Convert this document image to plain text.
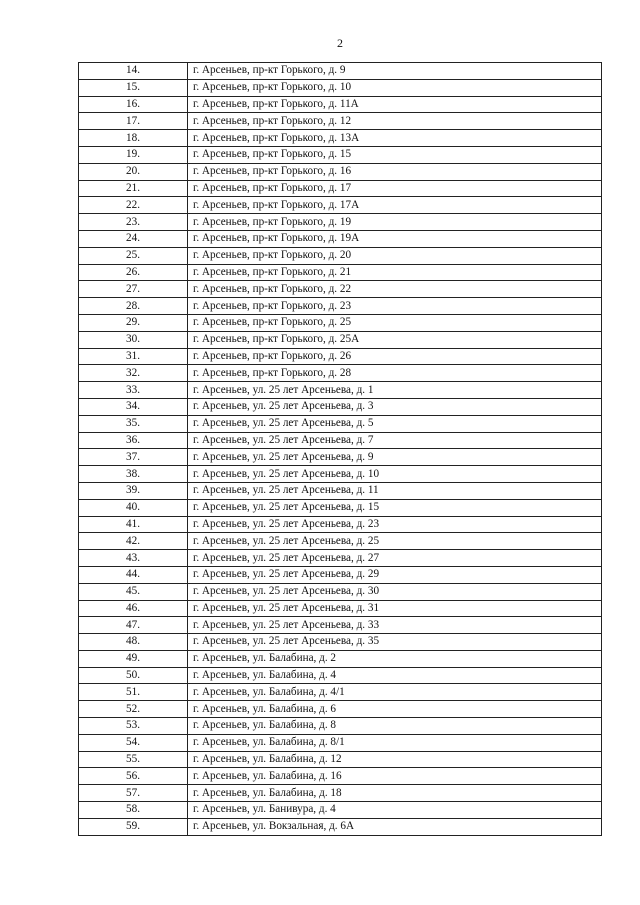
2
14.	г. Арсеньев, пр-кт Горького, д. 9
15.	г. Арсеньев, пр-кт Горького, д. 10
16.	г. Арсеньев, пр-кт Горького, д. 11А
17.	г. Арсеньев, пр-кт Горького, д. 12
18.	г. Арсеньев, пр-кт Горького, д. 13А
19.	г. Арсеньев, пр-кт Горького, д. 15
20.	г. Арсеньев, пр-кт Горького, д. 16
21.	г. Арсеньев, пр-кт Горького, д. 17
22.	г. Арсеньев, пр-кт Горького, д. 17А
23.	г. Арсеньев, пр-кт Горького, д. 19
24.	г. Арсеньев, пр-кт Горького, д. 19А
25.	г. Арсеньев, пр-кт Горького, д. 20
26.	г. Арсеньев, пр-кт Горького, д. 21
27.	г. Арсеньев, пр-кт Горького, д. 22
28.	г. Арсеньев, пр-кт Горького, д. 23
29.	г. Арсеньев, пр-кт Горького, д. 25
30.	г. Арсеньев, пр-кт Горького, д. 25А
31.	г. Арсеньев, пр-кт Горького, д. 26
32.	г. Арсеньев, пр-кт Горького, д. 28
33.	г. Арсеньев, ул. 25 лет Арсеньева, д. 1
34.	г. Арсеньев, ул. 25 лет Арсеньева, д. 3
35.	г. Арсеньев, ул. 25 лет Арсеньева, д. 5
36.	г. Арсеньев, ул. 25 лет Арсеньева, д. 7
37.	г. Арсеньев, ул. 25 лет Арсеньева, д. 9
38.	г. Арсеньев, ул. 25 лет Арсеньева, д. 10
39.	г. Арсеньев, ул. 25 лет Арсеньева, д. 11
40.	г. Арсеньев, ул. 25 лет Арсеньева, д. 15
41.	г. Арсеньев, ул. 25 лет Арсеньева, д. 23
42.	г. Арсеньев, ул. 25 лет Арсеньева, д. 25
43.	г. Арсеньев, ул. 25 лет Арсеньева, д. 27
44.	г. Арсеньев, ул. 25 лет Арсеньева, д. 29
45.	г. Арсеньев, ул. 25 лет Арсеньева, д. 30
46.	г. Арсеньев, ул. 25 лет Арсеньева, д. 31
47.	г. Арсеньев, ул. 25 лет Арсеньева, д. 33
48.	г. Арсеньев, ул. 25 лет Арсеньева, д. 35
49.	г. Арсеньев, ул. Балабина, д. 2
50.	г. Арсеньев, ул. Балабина, д. 4
51.	г. Арсеньев, ул. Балабина, д. 4/1
52.	г. Арсеньев, ул. Балабина, д. 6
53.	г. Арсеньев, ул. Балабина, д. 8
54.	г. Арсеньев, ул. Балабина, д. 8/1
55.	г. Арсеньев, ул. Балабина, д. 12
56.	г. Арсеньев, ул. Балабина, д. 16
57.	г. Арсеньев, ул. Балабина, д. 18
58.	г. Арсеньев, ул. Банивура, д. 4
59.	г. Арсеньев, ул. Вокзальная, д. 6А
